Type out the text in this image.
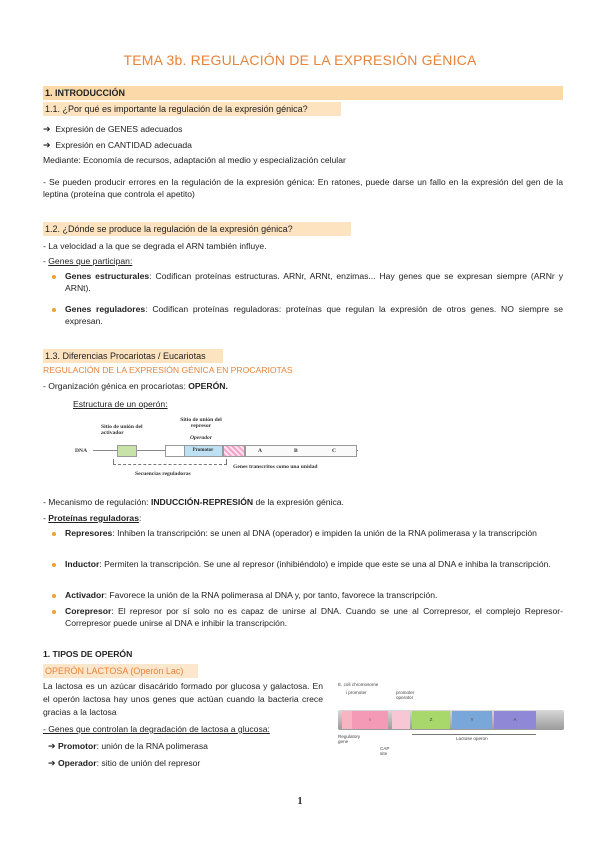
TEMA 3b. REGULACIÓN DE LA EXPRESIÓN GÉNICA
1. INTRODUCCIÓN
1.1. ¿Por qué es importante la regulación de la expresión génica?
➔ Expresión de GENES adecuados
➔ Expresión en CANTIDAD adecuada
Mediante: Economía de recursos, adaptación al medio y especialización celular
- Se pueden producir errores en la regulación de la expresión génica: En ratones, puede darse un fallo en la expresión del gen de la leptina (proteína que controla el apetito)
1.2. ¿Dónde se produce la regulación de la expresión génica?
- La velocidad a la que se degrada el ARN también influye.
- Genes que participan:
Genes estructurales: Codifican proteínas estructuras. ARNr, ARNt, enzimas... Hay genes que se expresan siempre (ARNr y ARNt).
Genes reguladores: Codifican proteínas reguladoras: proteínas que regulan la expresión de otros genes. NO siempre se expresan.
1.3. Diferencias Procariotas / Eucariotas
REGULACIÓN DE LA EXPRESIÓN GÉNICA EN PROCARIOTAS
- Organización génica en procariotas: OPERÓN.
Estructura de un operón:
Sitio de unión del activador
Sitio de unión del represor
Operador
DNA	Promotor	A	B	C
Secuencias reguladoras
Genes transcritos como una unidad
- Mecanismo de regulación: INDUCCIÓN-REPRESIÓN de la expresión génica.
- Proteínas reguladoras:
Represores: Inhiben la transcripción: se unen al DNA (operador) e impiden la unión de la RNA polimerasa y la transcripción
Inductor: Permiten la transcripción. Se une al represor (inhibiéndolo) e impide que este se una al DNA e inhiba la transcripción.
Activador: Favorece la unión de la RNA polimerasa al DNA y, por tanto, favorece la transcripción.
Corepresor: El represor por sí solo no es capaz de unirse al DNA. Cuando se une al Correpresor, el complejo Represor-Correpresor puede unirse al DNA e inhibir la transcripción.
1. TIPOS DE OPERÓN
OPERÓN LACTOSA (Operón Lac)
La lactosa es un azúcar disacárido formado por glucosa y galactosa. En el operón lactosa hay unos genes que actúan cuando la bacteria crece gracias a la lactosa
- Genes que controlan la degradación de lactosa a glucosa:
➔ Promotor: unión de la RNA polimerasa
➔ Operador: sitio de unión del represor
E. coli chromosome
i promoter	promoter operator
I	Z	Y	A
Regulatory gene
CAP site
Lactose operon
1
